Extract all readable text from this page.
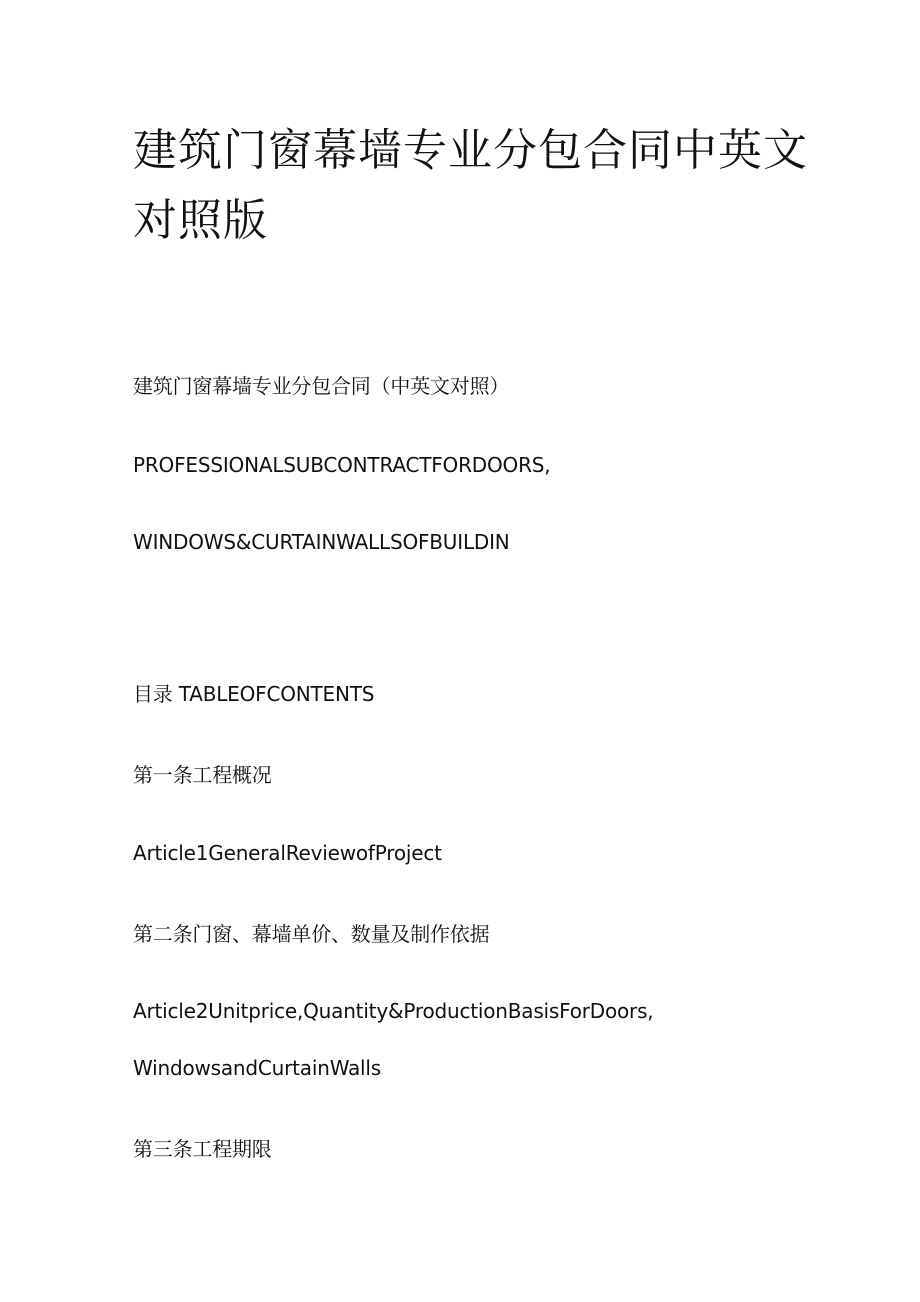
建筑门窗幕墙专业分包合同中英文
对照版

建筑门窗幕墙专业分包合同（中英文对照）

PROFESSIONALSUBCONTRACTFORDOORS,

WINDOWS&CURTAINWALLSOFBUILDIN

目录 TABLEOFCONTENTS

第一条工程概况

Article1GeneralReviewofProject

第二条门窗、幕墙单价、数量及制作依据

Article2Unitprice,Quantity&ProductionBasisForDoors,

WindowsandCurtainWalls

第三条工程期限
